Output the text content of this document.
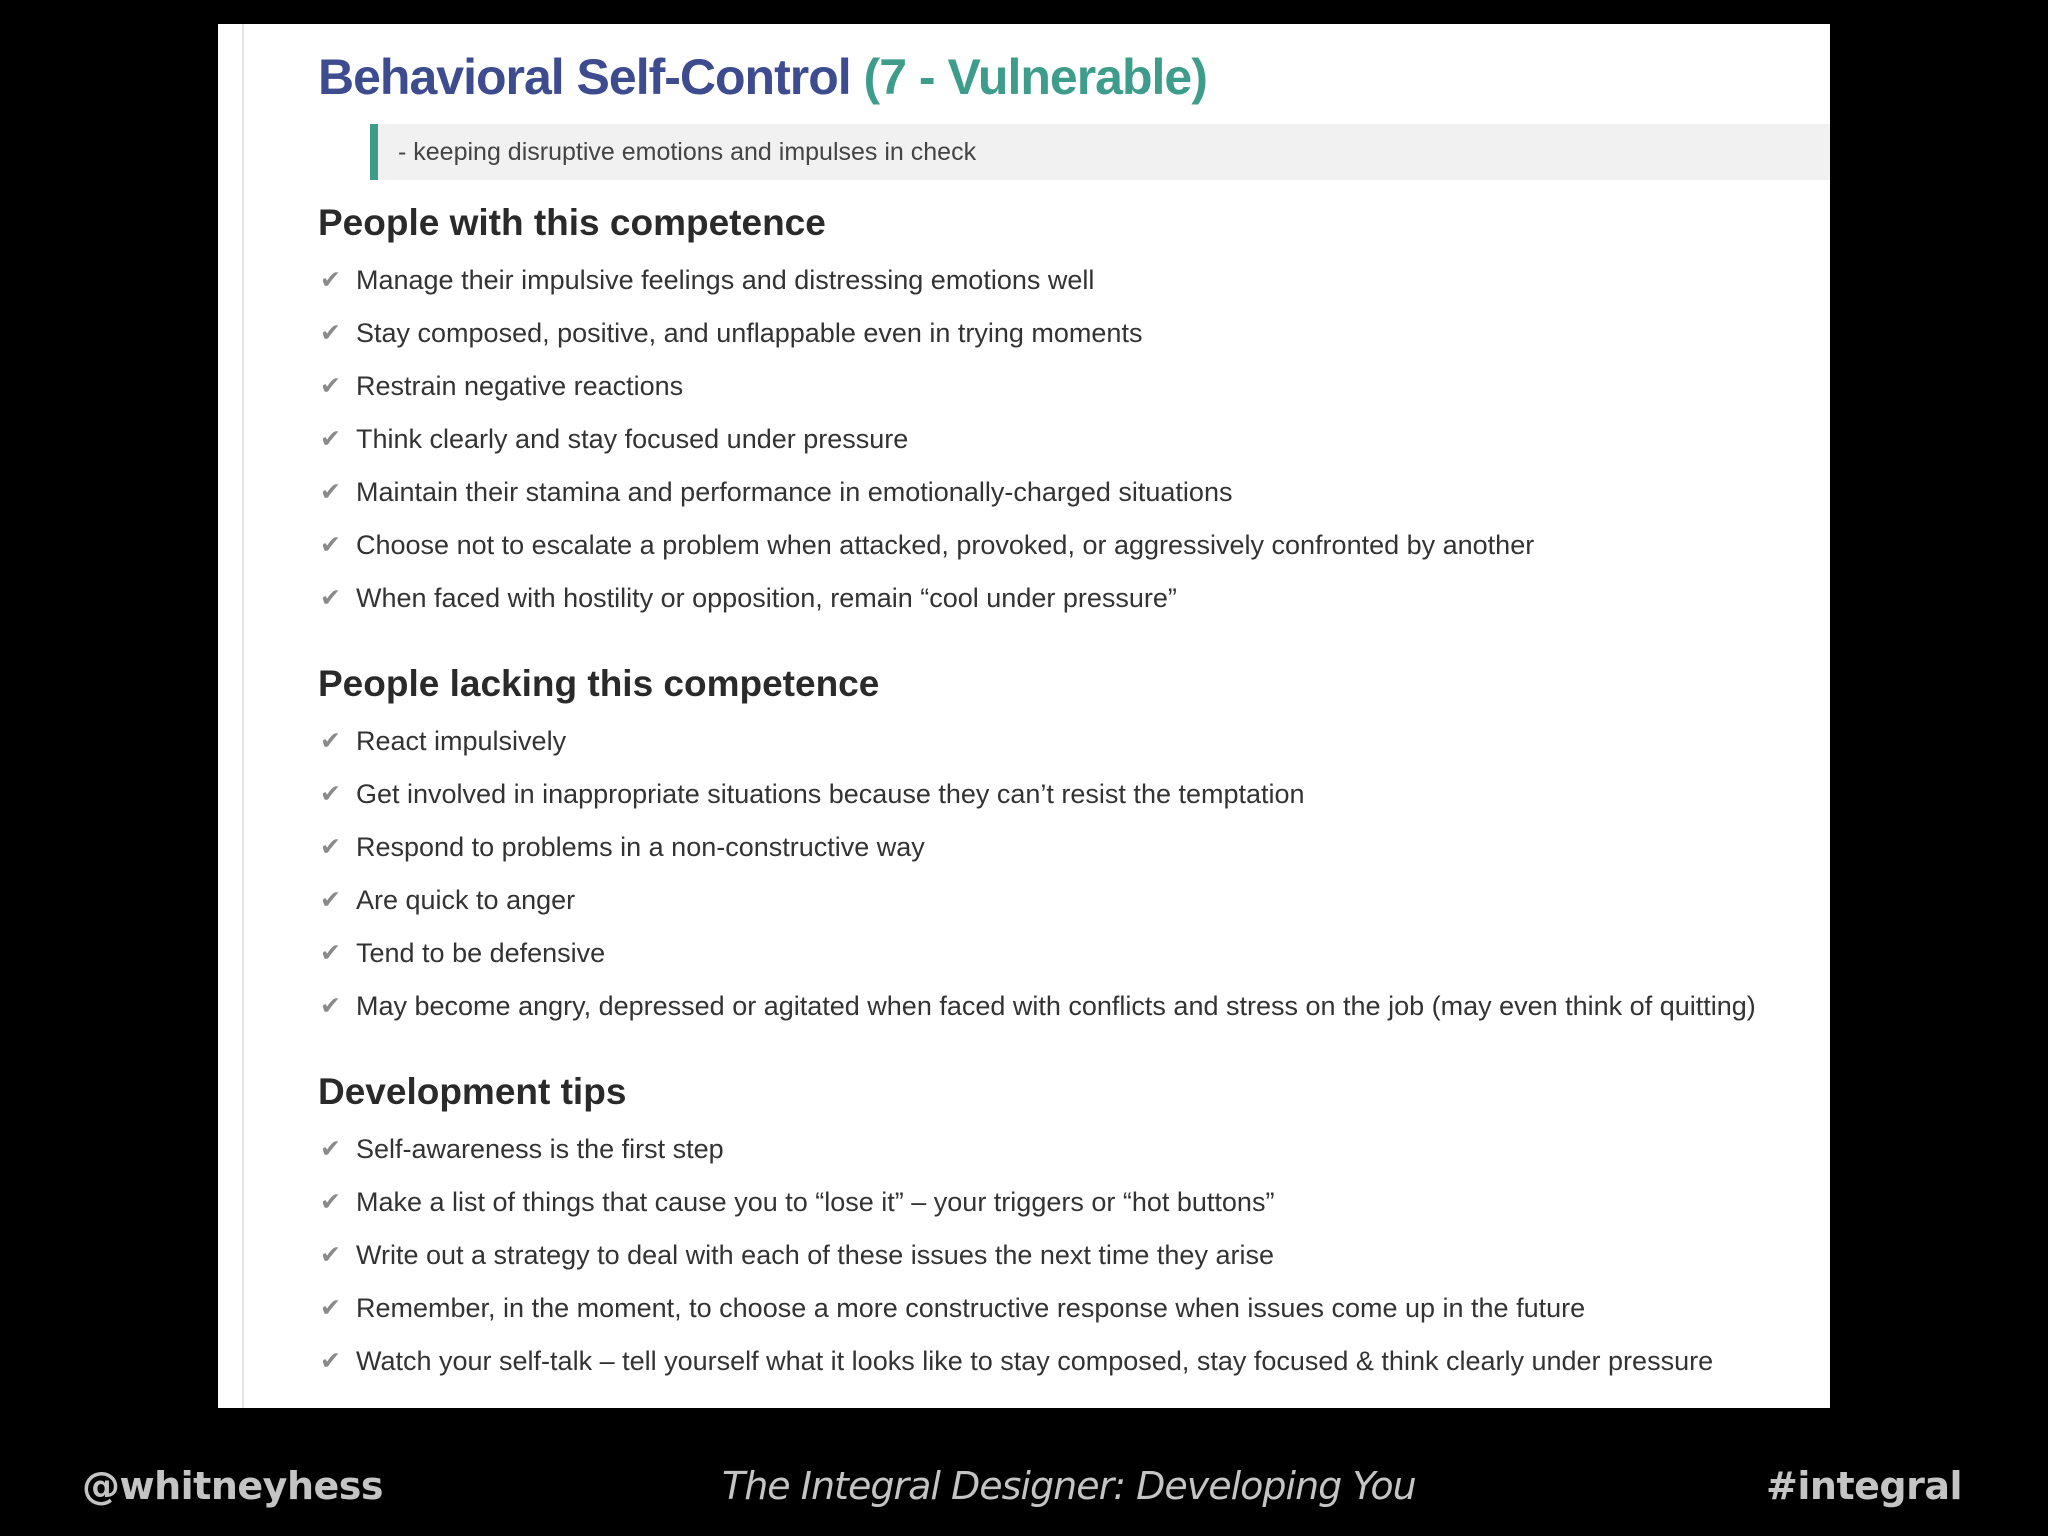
Behavioral Self-Control (7 - Vulnerable)
- keeping disruptive emotions and impulses in check
People with this competence
✔ Manage their impulsive feelings and distressing emotions well
✔ Stay composed, positive, and unflappable even in trying moments
✔ Restrain negative reactions
✔ Think clearly and stay focused under pressure
✔ Maintain their stamina and performance in emotionally-charged situations
✔ Choose not to escalate a problem when attacked, provoked, or aggressively confronted by another
✔ When faced with hostility or opposition, remain “cool under pressure”
People lacking this competence
✔ React impulsively
✔ Get involved in inappropriate situations because they can’t resist the temptation
✔ Respond to problems in a non-constructive way
✔ Are quick to anger
✔ Tend to be defensive
✔ May become angry, depressed or agitated when faced with conflicts and stress on the job (may even think of quitting)
Development tips
✔ Self-awareness is the first step
✔ Make a list of things that cause you to “lose it” – your triggers or “hot buttons”
✔ Write out a strategy to deal with each of these issues the next time they arise
✔ Remember, in the moment, to choose a more constructive response when issues come up in the future
✔ Watch your self-talk – tell yourself what it looks like to stay composed, stay focused & think clearly under pressure
@whitneyhess	The Integral Designer: Developing You	#integral
